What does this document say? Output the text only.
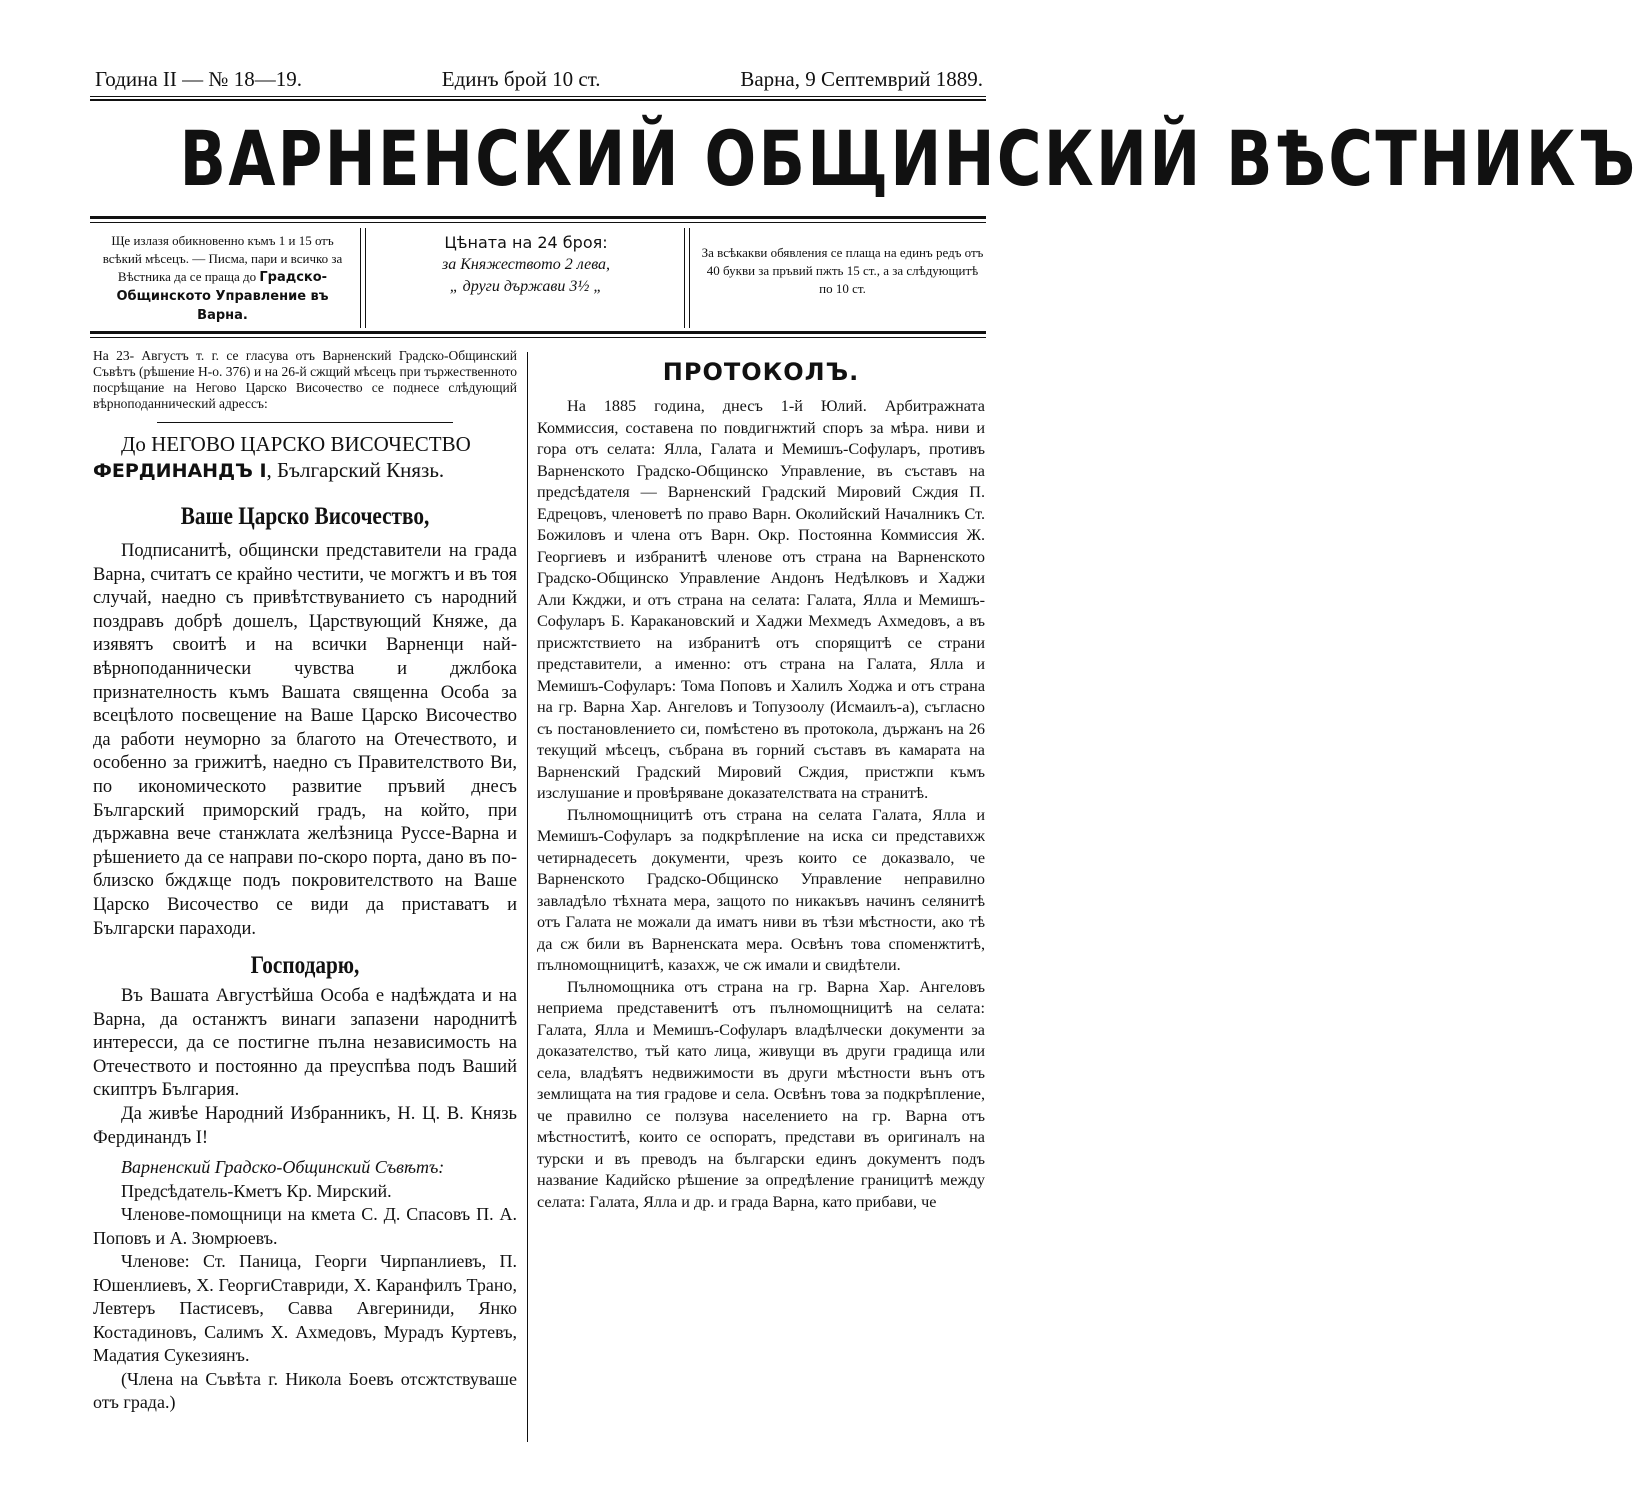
Година II — № 18—19.	Единъ брой 10 ст.	Варна, 9 Септемврий 1889.
ВАРНЕНСКИЙ ОБЩИНСКИЙ ВѢСТНИКЪ
Ще излазя обикновенно къмъ 1 и 15 отъ всѣкий мѣсецъ. — Писма, пари и всичко за Вѣстника да се праща до Градско-Общинското Управление въ Варна.
Цѣната на 24 броя:
за Княжеството 2 лева,
„ други държави 3½ „
За всѣкакви обявления се плаща на единъ редъ отъ 40 букви за пръвий пжть 15 ст., а за слѣдующитѣ по 10 ст.

На 23- Августъ т. г. се гласува отъ Варненский Градско-Общинский Съвѣтъ (рѣшение Н-о. 376) и на 26-й сжщий мѣсецъ при тържественното посрѣщание на Негово Царско Височество се поднесе слѣдующий вѣрноподаннический адрессъ:

До НЕГОВО ЦАРСКО ВИСОЧЕСТВО

ФЕРДИНАНДЪ I, Българский Князь.

Ваше Царско Височество,

Подписанитѣ, общински представители на града Варна, считатъ се крайно честити, че могжтъ и въ тоя случай, наедно съ привѣтствуванието съ народний поздравъ добрѣ дошелъ, Царствующий Княже, да изявятъ своитѣ и на всички Варненци най-вѣрноподаннически чувства и джлбока признателность къмъ Вашата священна Особа за всецѣлото посвещение на Ваше Царско Височество да работи неуморно за благото на Отечеството, и особенно за грижитѣ, наедно съ Правителството Ви, по икономическото развитие пръвий днесъ Българский приморский градъ, на който, при държавна вече станжлата желѣзница Руссе-Варна и рѣшението да се направи по-скоро порта, дано въ по-близско бждѫще подъ покровителството на Ваше Царско Височество се види да приставатъ и Български параходи.

Господарю,

Въ Вашата Августѣйша Особа е надѣждата и на Варна, да останжтъ винаги запазени народнитѣ интересси, да се постигне пълна независимость на Отечеството и постоянно да преуспѣва подъ Ваший скиптръ България.

Да живѣе Народний Избранникъ, Н. Ц. В. Князь Фердинандъ I!

Варненский Градско-Общинский Съвѣтъ:

Предсѣдатель-Кметъ Кр. Мирский.

Членове-помощници на кмета С. Д. Спасовъ П. А. Поповъ и А. Зюмрюевъ.

Членове: Ст. Паница, Георги Чирпанлиевъ, П. Юшенлиевъ, Х. ГеоргиСтавриди, Х. Каранфилъ Трано, Левтеръ Пастисевъ, Савва Авгериниди, Янко Костадиновъ, Салимъ Х. Ахмедовъ, Мурадъ Куртевъ, Мадатия Сукезиянъ.

(Члена на Съвѣта г. Никола Боевъ отсжтствуваше отъ града.)

ПРОТОКОЛЪ.

На 1885 година, днесъ 1-й Юлий. Арбитражната Коммиссия, составена по повдигнжтий споръ за мѣра. ниви и гора отъ селата: Ялла, Галата и Мемишъ-Софуларъ, противъ Варненското Градско-Общинско Управление, въ съставъ на предсѣдателя — Варненский Градский Мировий Сждия П. Едрецовъ, членоветѣ по право Варн. Околийский Началникъ Ст. Божиловъ и члена отъ Варн. Окр. Постоянна Коммиссия Ж. Георгиевъ и избранитѣ членове отъ страна на Варненското Градско-Общинско Управление Андонъ Недѣлковъ и Хаджи Али Кжджи, и отъ страна на селата: Галата, Ялла и Мемишъ-Софуларъ Б. Каракановский и Хаджи Мехмедъ Ахмедовъ, а въ присжтствието на избранитѣ отъ спорящитѣ се страни представители, а именно: отъ страна на Галата, Ялла и Мемишъ-Софуларъ: Тома Поповъ и Халилъ Ходжа и отъ страна на гр. Варна Хар. Ангеловъ и Топузоолу (Исмаилъ-а), съгласно съ постановлението си, помѣстено въ протокола, държанъ на 26 текущий мѣсецъ, събрана въ горний съставъ въ камарата на Варненский Градский Мировий Сждия, пристжпи къмъ изслушание и провѣряване доказателствата на странитѣ.

Пълномощницитѣ отъ страна на селата Галата, Ялла и Мемишъ-Софуларъ за подкрѣпление на иска си представихж четирнадесеть документи, чрезъ които се доказвало, че Варненското Градско-Общинско Управление неправилно завладѣло тѣхната мера, защото по никакъвъ начинъ селянитѣ отъ Галата не можали да иматъ ниви въ тѣзи мѣстности, ако тѣ да сж били въ Варненската мера. Освѣнъ това споменжтитѣ, пълномощницитѣ, казахж, че сж имали и свидѣтели.

Пълномощника отъ страна на гр. Варна Хар. Ангеловъ неприема представенитѣ отъ пълномощницитѣ на селата: Галата, Ялла и Мемишъ-Софуларъ владѣлчески документи за доказателство, тъй като лица, живущи въ други градища или села, владѣятъ недвижимости въ други мѣстности вънъ отъ землищата на тия градове и села. Освѣнъ това за подкрѣпление, че правилно се ползува населението на гр. Варна отъ мѣстноститѣ, които се оспоратъ, представи въ оригиналъ на турски и въ преводъ на български единъ документъ подъ название Кадийско рѣшение за опредѣление границитѣ между селата: Галата, Ялла и др. и града Варна, като прибави, че
